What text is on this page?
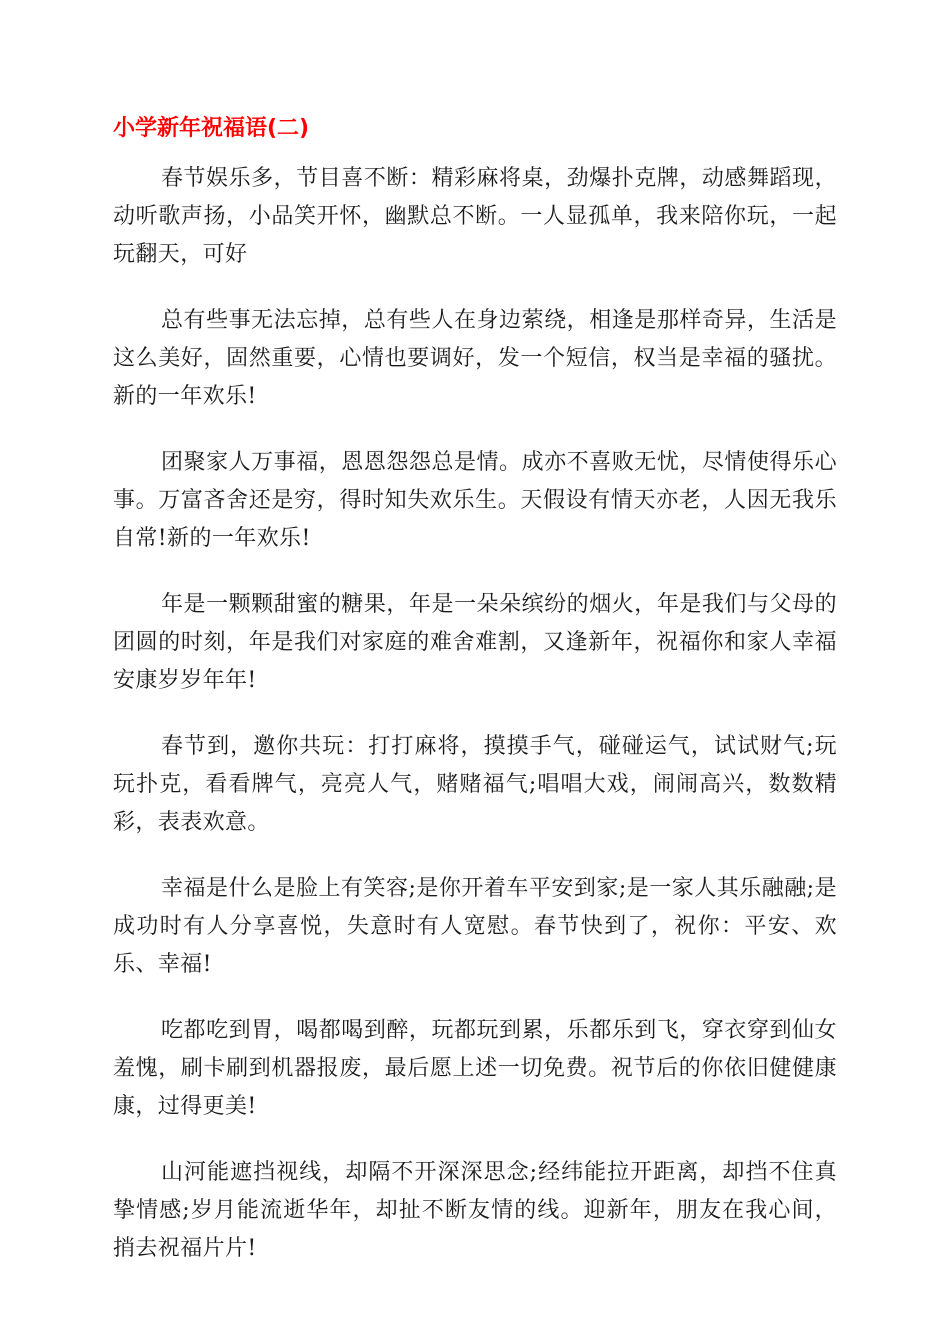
小学新年祝福语(二)

春节娱乐多，节目喜不断：精彩麻将桌，劲爆扑克牌，动感舞蹈现，动听歌声扬，小品笑开怀，幽默总不断。一人显孤单，我来陪你玩，一起玩翻天，可好

总有些事无法忘掉，总有些人在身边萦绕，相逢是那样奇异，生活是这么美好，固然重要，心情也要调好，发一个短信，权当是幸福的骚扰。新的一年欢乐!

团聚家人万事福，恩恩怨怨总是情。成亦不喜败无忧，尽情使得乐心事。万富吝舍还是穷，得时知失欢乐生。天假设有情天亦老，人因无我乐自常!新的一年欢乐!

年是一颗颗甜蜜的糖果，年是一朵朵缤纷的烟火，年是我们与父母的团圆的时刻，年是我们对家庭的难舍难割，又逢新年，祝福你和家人幸福安康岁岁年年!

春节到，邀你共玩：打打麻将，摸摸手气，碰碰运气，试试财气;玩玩扑克，看看牌气，亮亮人气，赌赌福气;唱唱大戏，闹闹高兴，数数精彩，表表欢意。

幸福是什么是脸上有笑容;是你开着车平安到家;是一家人其乐融融;是成功时有人分享喜悦，失意时有人宽慰。春节快到了，祝你：平安、欢乐、幸福!

吃都吃到胃，喝都喝到醉，玩都玩到累，乐都乐到飞，穿衣穿到仙女羞愧，刷卡刷到机器报废，最后愿上述一切免费。祝节后的你依旧健健康康，过得更美!

山河能遮挡视线，却隔不开深深思念;经纬能拉开距离，却挡不住真挚情感;岁月能流逝华年，却扯不断友情的线。迎新年，朋友在我心间，捎去祝福片片!
